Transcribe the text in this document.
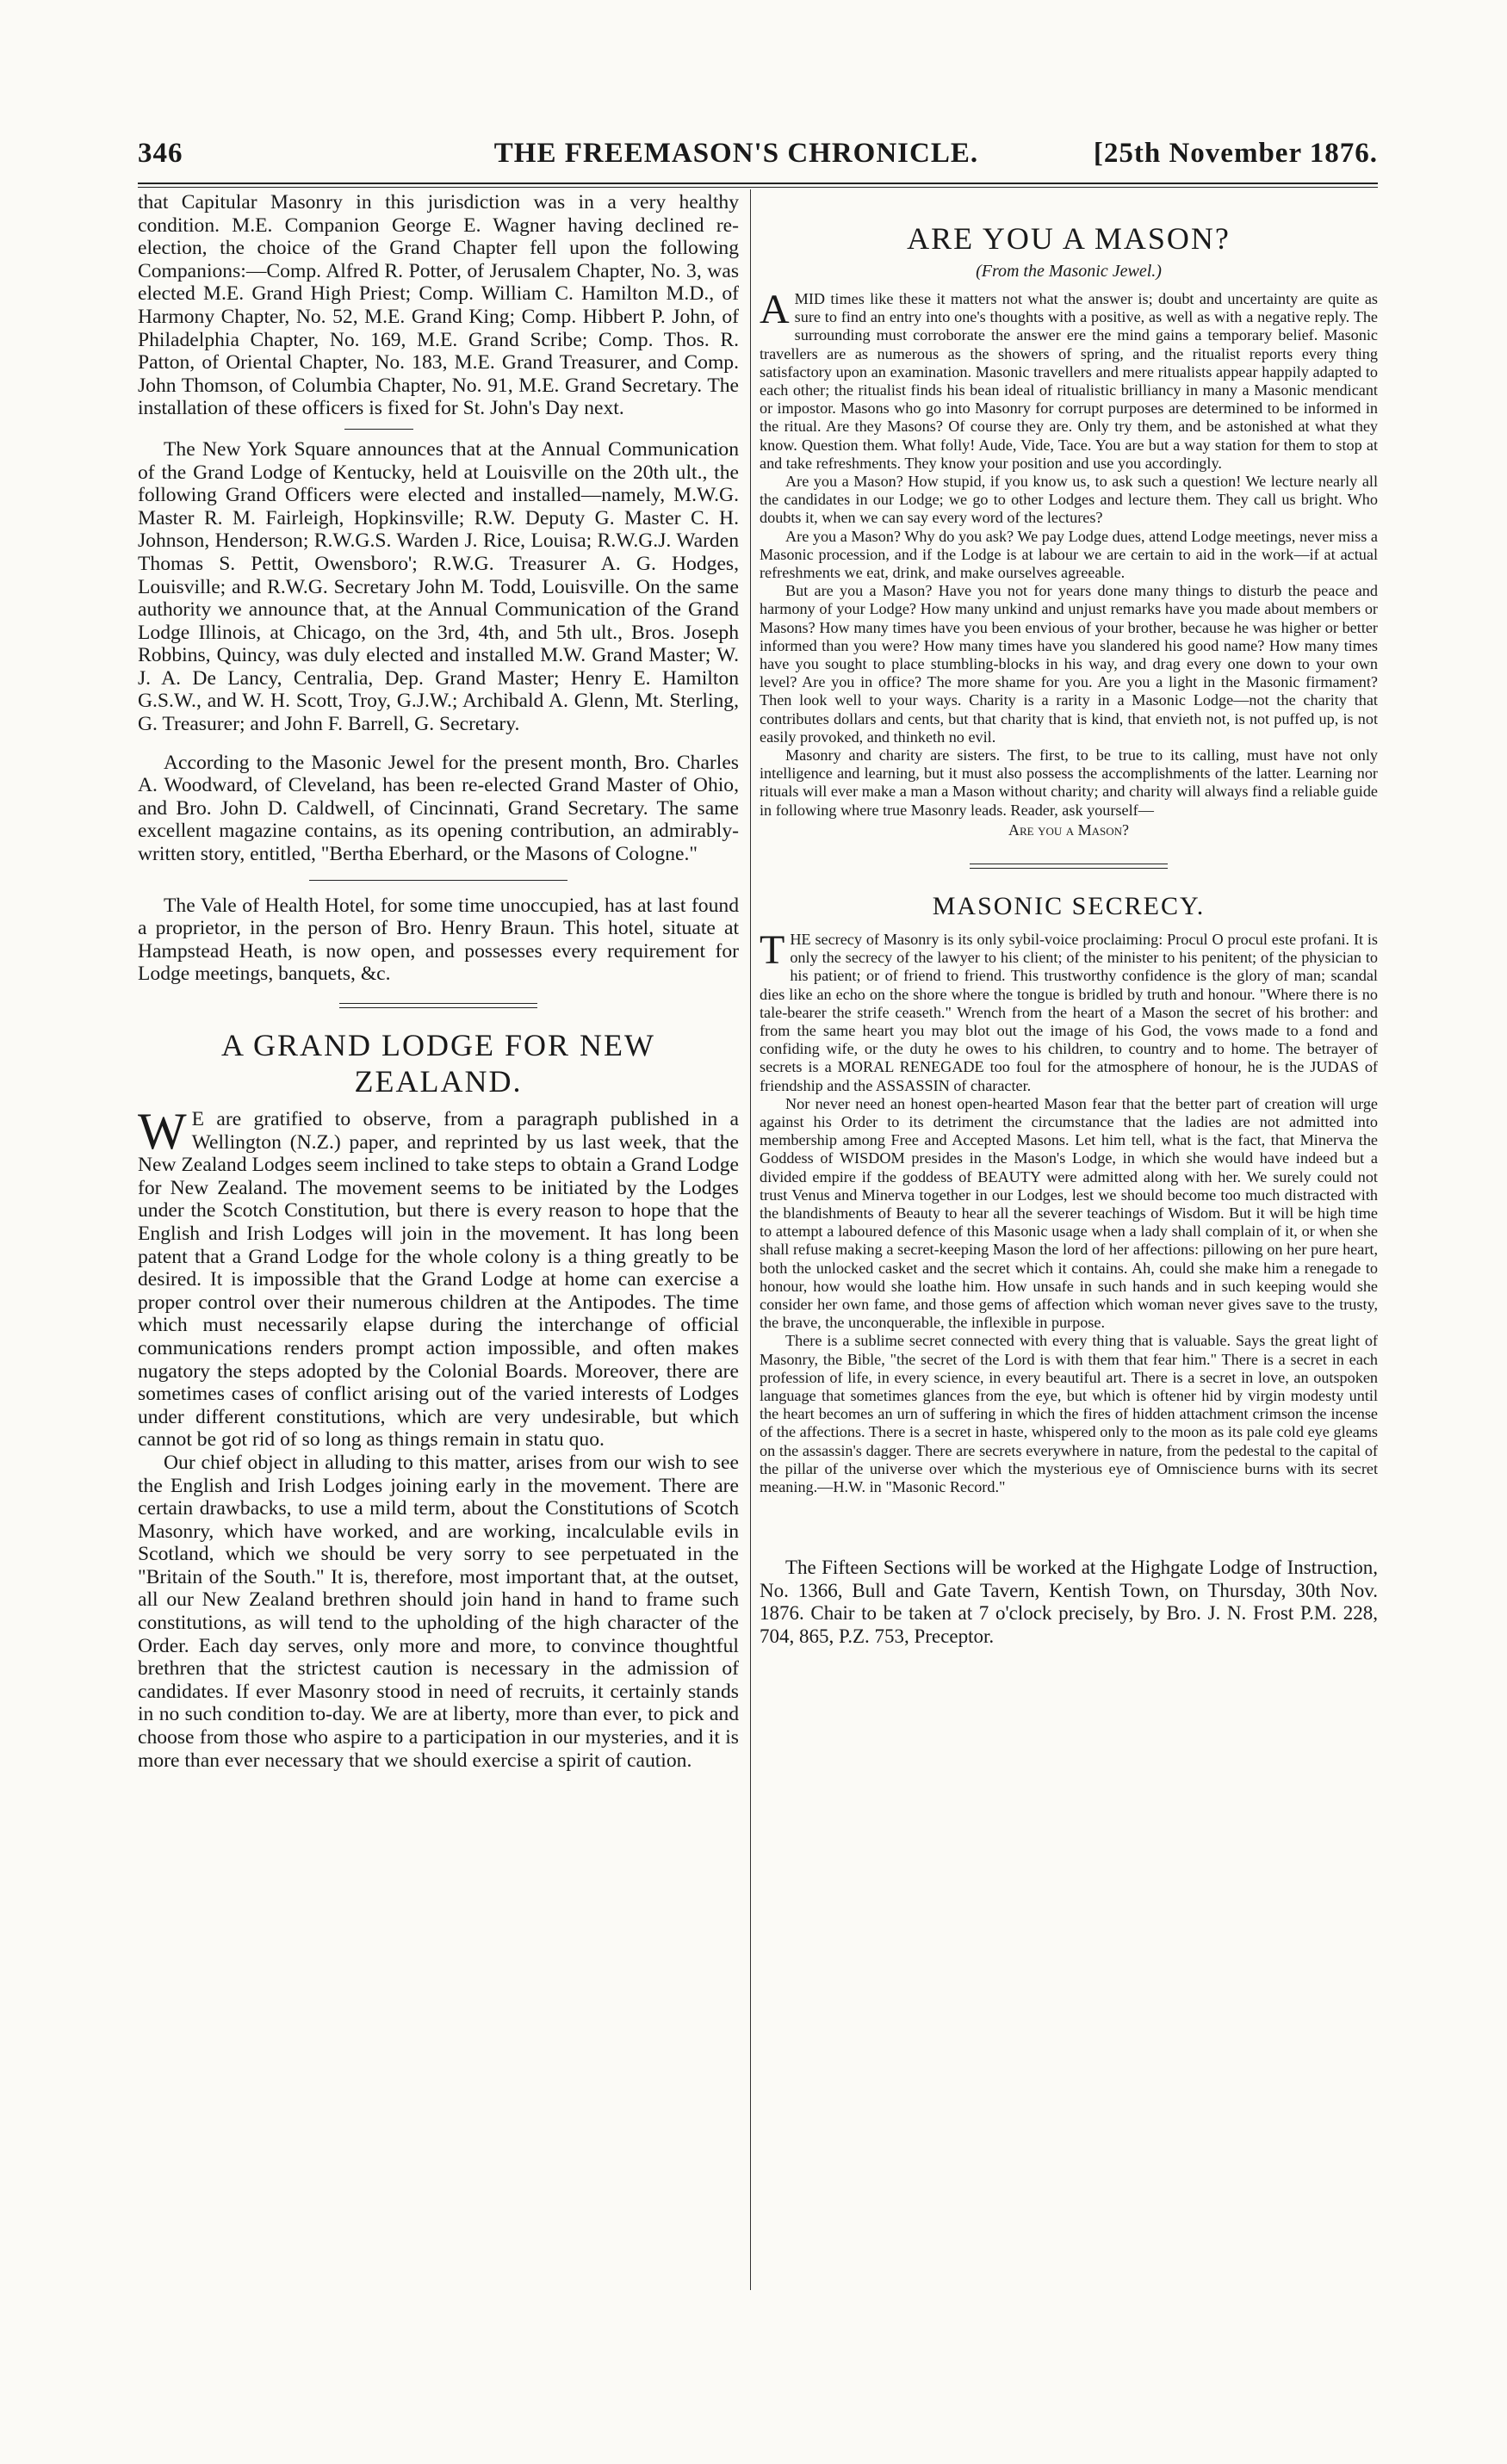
346	THE FREEMASON'S CHRONICLE.	[25th November 1876.

that Capitular Masonry in this jurisdiction was in a very healthy condition. M.E. Companion George E. Wagner having declined re-election, the choice of the Grand Chapter fell upon the following Companions:—Comp. Alfred R. Potter, of Jerusalem Chapter, No. 3, was elected M.E. Grand High Priest; Comp. William C. Hamilton M.D., of Harmony Chapter, No. 52, M.E. Grand King; Comp. Hibbert P. John, of Philadelphia Chapter, No. 169, M.E. Grand Scribe; Comp. Thos. R. Patton, of Oriental Chapter, No. 183, M.E. Grand Treasurer, and Comp. John Thomson, of Columbia Chapter, No. 91, M.E. Grand Secretary. The installation of these officers is fixed for St. John's Day next.

The New York Square announces that at the Annual Communication of the Grand Lodge of Kentucky, held at Louisville on the 20th ult., the following Grand Officers were elected and installed—namely, M.W.G. Master R. M. Fairleigh, Hopkinsville; R.W. Deputy G. Master C. H. Johnson, Henderson; R.W.G.S. Warden J. Rice, Louisa; R.W.G.J. Warden Thomas S. Pettit, Owensboro'; R.W.G. Treasurer A. G. Hodges, Louisville; and R.W.G. Secretary John M. Todd, Louisville. On the same authority we announce that, at the Annual Communication of the Grand Lodge Illinois, at Chicago, on the 3rd, 4th, and 5th ult., Bros. Joseph Robbins, Quincy, was duly elected and installed M.W. Grand Master; W. J. A. De Lancy, Centralia, Dep. Grand Master; Henry E. Hamilton G.S.W., and W. H. Scott, Troy, G.J.W.; Archibald A. Glenn, Mt. Sterling, G. Treasurer; and John F. Barrell, G. Secretary.

According to the Masonic Jewel for the present month, Bro. Charles A. Woodward, of Cleveland, has been re-elected Grand Master of Ohio, and Bro. John D. Caldwell, of Cincinnati, Grand Secretary. The same excellent magazine contains, as its opening contribution, an admirably-written story, entitled, "Bertha Eberhard, or the Masons of Cologne."

The Vale of Health Hotel, for some time unoccupied, has at last found a proprietor, in the person of Bro. Henry Braun. This hotel, situate at Hampstead Heath, is now open, and possesses every requirement for Lodge meetings, banquets, &c.

A GRAND LODGE FOR NEW ZEALAND.

W E are gratified to observe, from a paragraph published in a Wellington (N.Z.) paper, and reprinted by us last week, that the New Zealand Lodges seem inclined to take steps to obtain a Grand Lodge for New Zealand. The movement seems to be initiated by the Lodges under the Scotch Constitution, but there is every reason to hope that the English and Irish Lodges will join in the movement. It has long been patent that a Grand Lodge for the whole colony is a thing greatly to be desired. It is impossible that the Grand Lodge at home can exercise a proper control over their numerous children at the Antipodes. The time which must necessarily elapse during the interchange of official communications renders prompt action impossible, and often makes nugatory the steps adopted by the Colonial Boards. Moreover, there are sometimes cases of conflict arising out of the varied interests of Lodges under different constitutions, which are very undesirable, but which cannot be got rid of so long as things remain in statu quo.

Our chief object in alluding to this matter, arises from our wish to see the English and Irish Lodges joining early in the movement. There are certain drawbacks, to use a mild term, about the Constitutions of Scotch Masonry, which have worked, and are working, incalculable evils in Scotland, which we should be very sorry to see perpetuated in the "Britain of the South." It is, therefore, most important that, at the outset, all our New Zealand brethren should join hand in hand to frame such constitutions, as will tend to the upholding of the high character of the Order. Each day serves, only more and more, to convince thoughtful brethren that the strictest caution is necessary in the admission of candidates. If ever Masonry stood in need of recruits, it certainly stands in no such condition to-day. We are at liberty, more than ever, to pick and choose from those who aspire to a participation in our mysteries, and it is more than ever necessary that we should exercise a spirit of caution.

ARE YOU A MASON?
(From the Masonic Jewel.)

AMID times like these it matters not what the answer is; doubt and uncertainty are quite as sure to find an entry into one's thoughts with a positive, as well as with a negative reply. The surrounding must corroborate the answer ere the mind gains a temporary belief. Masonic travellers are as numerous as the showers of spring, and the ritualist reports every thing satisfactory upon an examination. Masonic travellers and mere ritualists appear happily adapted to each other; the ritualist finds his bean ideal of ritualistic brilliancy in many a Masonic mendicant or impostor. Masons who go into Masonry for corrupt purposes are determined to be informed in the ritual. Are they Masons? Of course they are. Only try them, and be astonished at what they know. Question them. What folly! Aude, Vide, Tace. You are but a way station for them to stop at and take refreshments. They know your position and use you accordingly.

Are you a Mason? How stupid, if you know us, to ask such a question! We lecture nearly all the candidates in our Lodge; we go to other Lodges and lecture them. They call us bright. Who doubts it, when we can say every word of the lectures?

Are you a Mason? Why do you ask? We pay Lodge dues, attend Lodge meetings, never miss a Masonic procession, and if the Lodge is at labour we are certain to aid in the work—if at actual refreshments we eat, drink, and make ourselves agreeable.

But are you a Mason? Have you not for years done many things to disturb the peace and harmony of your Lodge? How many unkind and unjust remarks have you made about members or Masons? How many times have you been envious of your brother, because he was higher or better informed than you were? How many times have you slandered his good name? How many times have you sought to place stumbling-blocks in his way, and drag every one down to your own level? Are you in office? The more shame for you. Are you a light in the Masonic firmament? Then look well to your ways. Charity is a rarity in a Masonic Lodge—not the charity that contributes dollars and cents, but that charity that is kind, that envieth not, is not puffed up, is not easily provoked, and thinketh no evil.

Masonry and charity are sisters. The first, to be true to its calling, must have not only intelligence and learning, but it must also possess the accomplishments of the latter. Learning nor rituals will ever make a man a Mason without charity; and charity will always find a reliable guide in following where true Masonry leads. Reader, ask yourself—

Are you a Mason?
MASONIC SECRECY.

THE secrecy of Masonry is its only sybil-voice proclaiming: Procul O procul este profani. It is only the secrecy of the lawyer to his client; of the minister to his penitent; of the physician to his patient; or of friend to friend. This trustworthy confidence is the glory of man; scandal dies like an echo on the shore where the tongue is bridled by truth and honour. "Where there is no tale-bearer the strife ceaseth." Wrench from the heart of a Mason the secret of his brother: and from the same heart you may blot out the image of his God, the vows made to a fond and confiding wife, or the duty he owes to his children, to country and to home. The betrayer of secrets is a MORAL RENEGADE too foul for the atmosphere of honour, he is the JUDAS of friendship and the ASSASSIN of character.

Nor never need an honest open-hearted Mason fear that the better part of creation will urge against his Order to its detriment the circumstance that the ladies are not admitted into membership among Free and Accepted Masons. Let him tell, what is the fact, that Minerva the Goddess of WISDOM presides in the Mason's Lodge, in which she would have indeed but a divided empire if the goddess of BEAUTY were admitted along with her. We surely could not trust Venus and Minerva together in our Lodges, lest we should become too much distracted with the blandishments of Beauty to hear all the severer teachings of Wisdom. But it will be high time to attempt a laboured defence of this Masonic usage when a lady shall complain of it, or when she shall refuse making a secret-keeping Mason the lord of her affections: pillowing on her pure heart, both the unlocked casket and the secret which it contains. Ah, could she make him a renegade to honour, how would she loathe him. How unsafe in such hands and in such keeping would she consider her own fame, and those gems of affection which woman never gives save to the trusty, the brave, the unconquerable, the inflexible in purpose.

There is a sublime secret connected with every thing that is valuable. Says the great light of Masonry, the Bible, "the secret of the Lord is with them that fear him." There is a secret in each profession of life, in every science, in every beautiful art. There is a secret in love, an outspoken language that sometimes glances from the eye, but which is oftener hid by virgin modesty until the heart becomes an urn of suffering in which the fires of hidden attachment crimson the incense of the affections. There is a secret in haste, whispered only to the moon as its pale cold eye gleams on the assassin's dagger. There are secrets everywhere in nature, from the pedestal to the capital of the pillar of the universe over which the mysterious eye of Omniscience burns with its secret meaning.—H.W. in "Masonic Record."

The Fifteen Sections will be worked at the Highgate Lodge of Instruction, No. 1366, Bull and Gate Tavern, Kentish Town, on Thursday, 30th Nov. 1876. Chair to be taken at 7 o'clock precisely, by Bro. J. N. Frost P.M. 228, 704, 865, P.Z. 753, Preceptor.
